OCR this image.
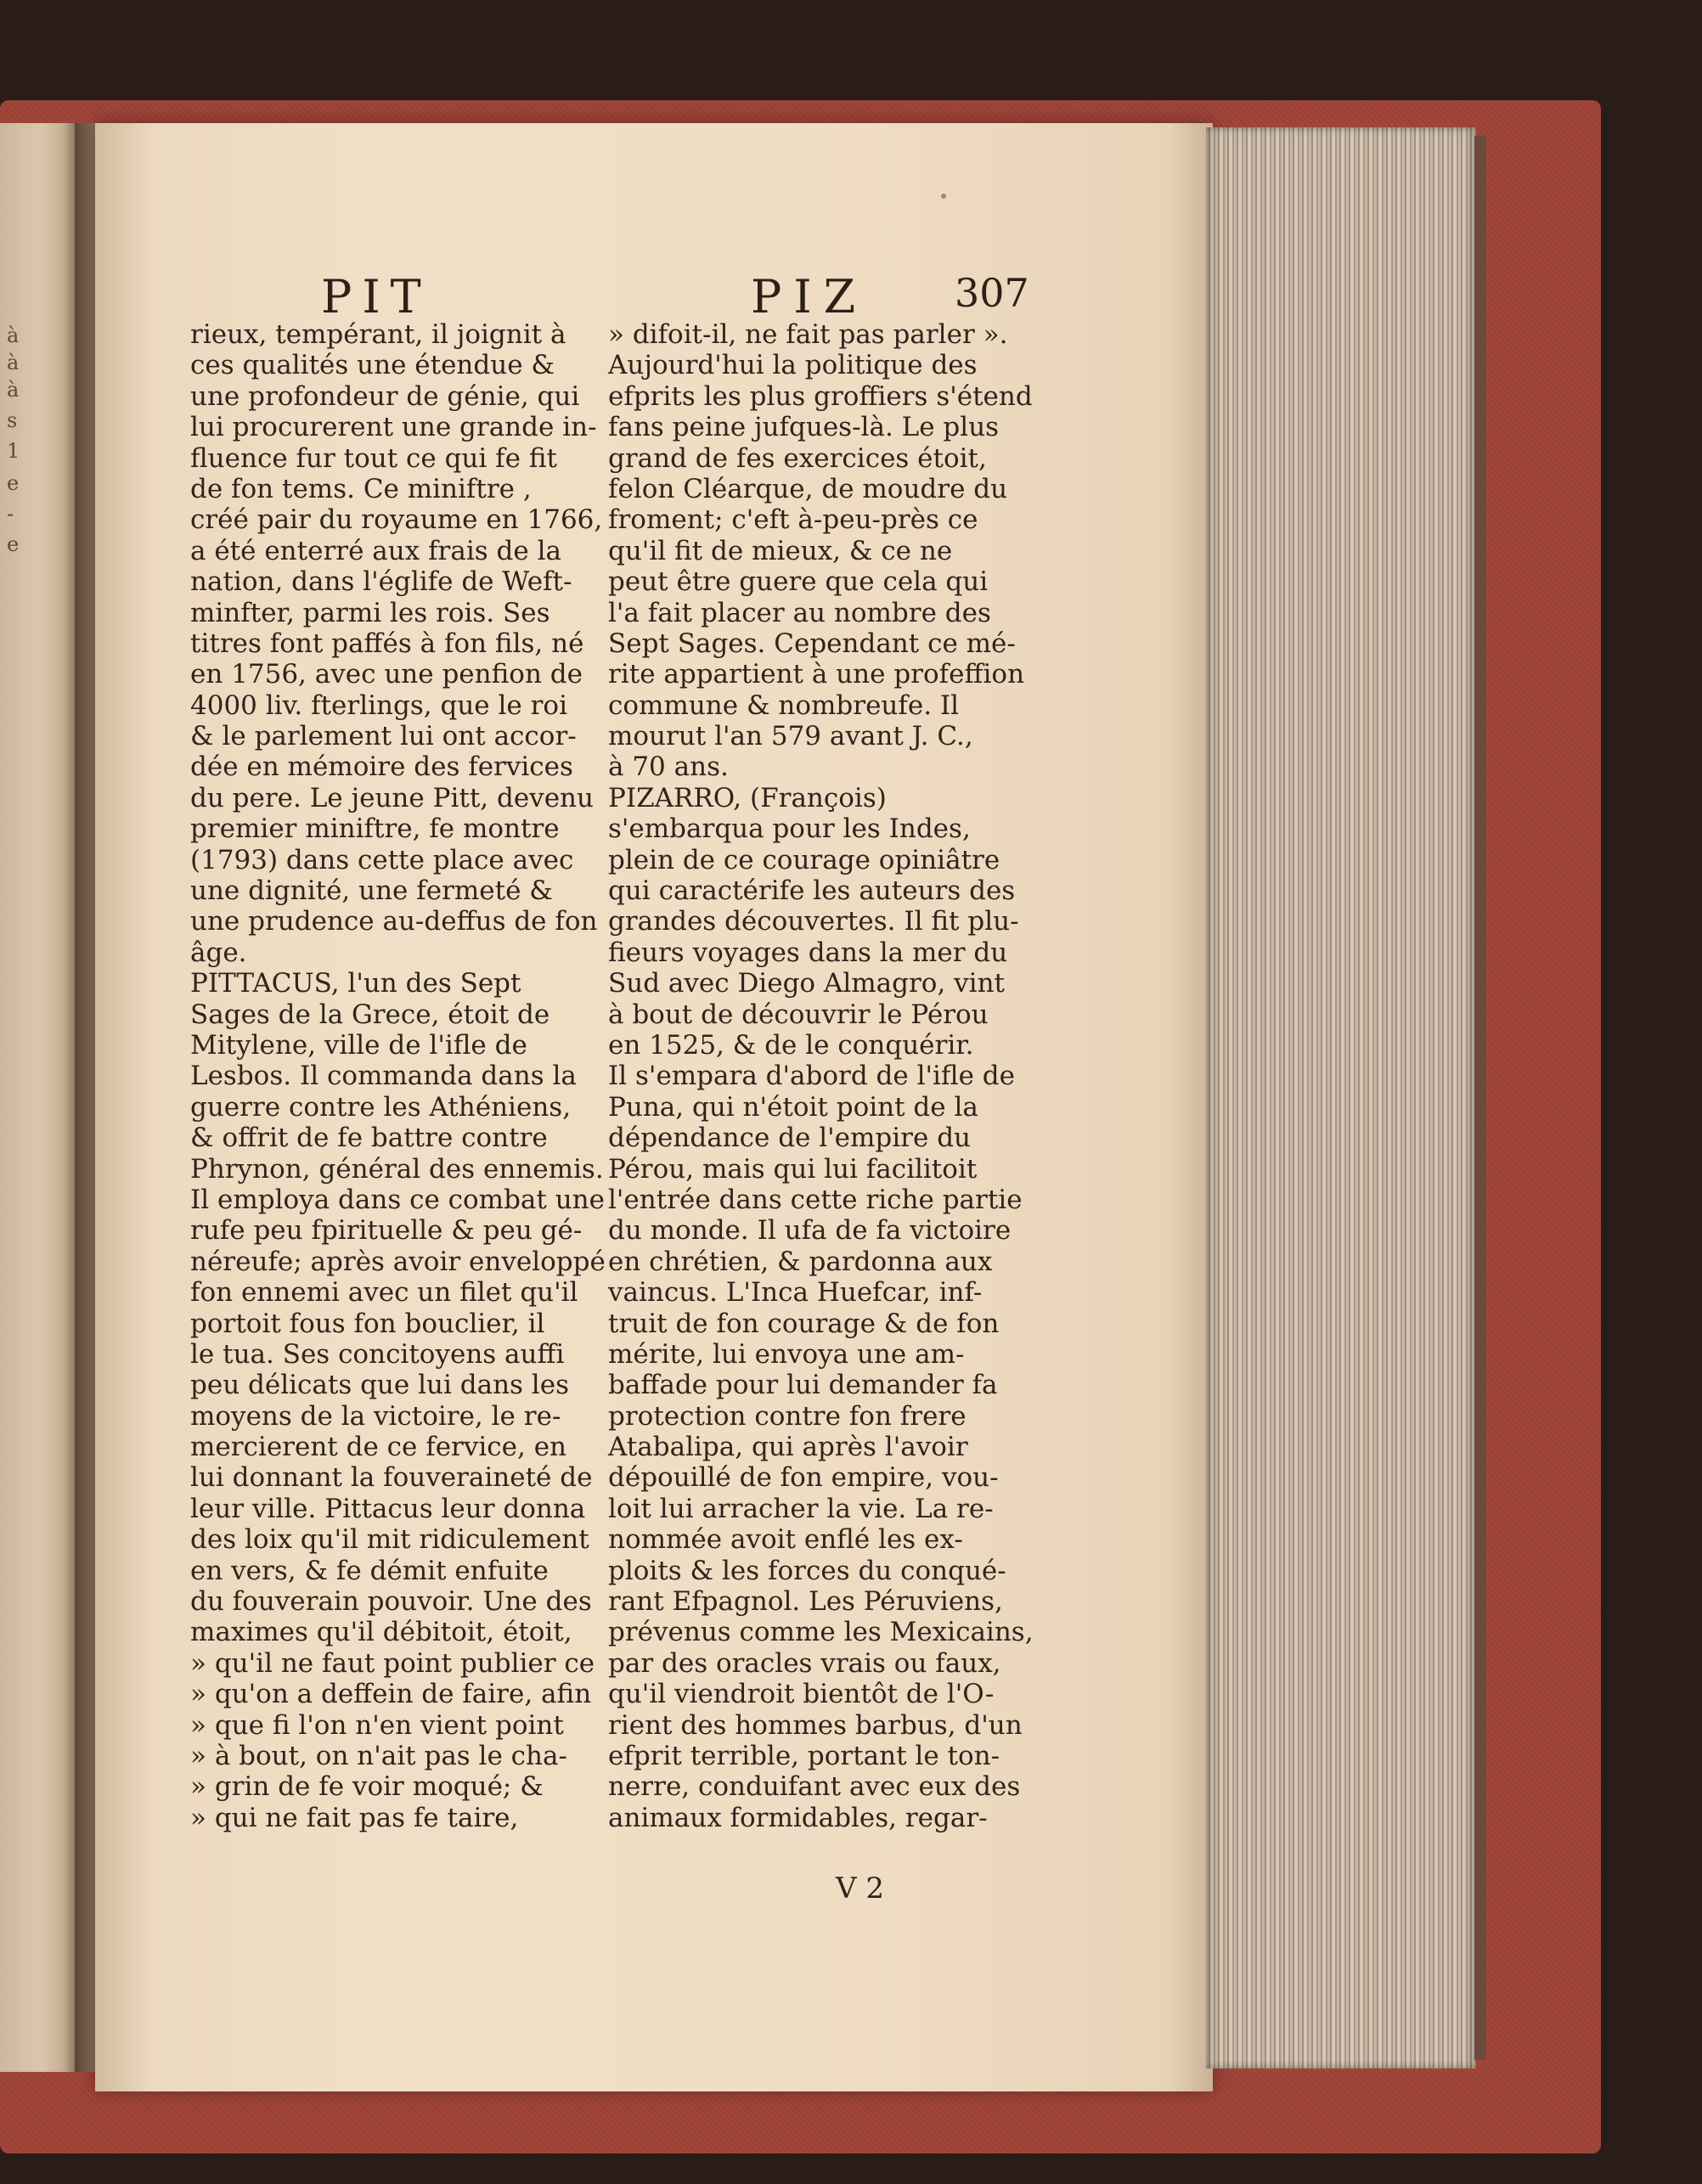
à
à
à
s
1
e
-
e
PIT	PIZ 307
rieux, tempérant, il joignit à
ces qualités une étendue &
une profondeur de génie, qui
lui procurerent une grande in-
fluence fur tout ce qui fe fit
de fon tems. Ce miniftre ,
créé pair du royaume en 1766,
a été enterré aux frais de la
nation, dans l'églife de Weft-
minfter, parmi les rois. Ses
titres font paffés à fon fils, né
en 1756, avec une penfion de
4000 liv. fterlings, que le roi
& le parlement lui ont accor-
dée en mémoire des fervices
du pere. Le jeune Pitt, devenu
premier miniftre, fe montre
(1793) dans cette place avec
une dignité, une fermeté &
une prudence au-deffus de fon
âge.
PITTACUS, l'un des Sept
Sages de la Grece, étoit de
Mitylene, ville de l'ifle de
Lesbos. Il commanda dans la
guerre contre les Athéniens,
& offrit de fe battre contre
Phrynon, général des ennemis.
Il employa dans ce combat une
rufe peu fpirituelle & peu gé-
néreufe; après avoir enveloppé
fon ennemi avec un filet qu'il
portoit fous fon bouclier, il
le tua. Ses concitoyens auffi
peu délicats que lui dans les
moyens de la victoire, le re-
mercierent de ce fervice, en
lui donnant la fouveraineté de
leur ville. Pittacus leur donna
des loix qu'il mit ridiculement
en vers, & fe démit enfuite
du fouverain pouvoir. Une des
maximes qu'il débitoit, étoit,
» qu'il ne faut point publier ce
» qu'on a deffein de faire, afin
» que fi l'on n'en vient point
» à bout, on n'ait pas le cha-
» grin de fe voir moqué; &
» qui ne fait pas fe taire,
» difoit-il, ne fait pas parler ».
Aujourd'hui la politique des
efprits les plus groffiers s'étend
fans peine jufques-là. Le plus
grand de fes exercices étoit,
felon Cléarque, de moudre du
froment; c'eft à-peu-près ce
qu'il fit de mieux, & ce ne
peut être guere que cela qui
l'a fait placer au nombre des
Sept Sages. Cependant ce mé-
rite appartient à une profeffion
commune & nombreufe. Il
mourut l'an 579 avant J. C.,
à 70 ans.
PIZARRO, (François)
s'embarqua pour les Indes,
plein de ce courage opiniâtre
qui caractérife les auteurs des
grandes découvertes. Il fit plu-
fieurs voyages dans la mer du
Sud avec Diego Almagro, vint
à bout de découvrir le Pérou
en 1525, & de le conquérir.
Il s'empara d'abord de l'ifle de
Puna, qui n'étoit point de la
dépendance de l'empire du
Pérou, mais qui lui facilitoit
l'entrée dans cette riche partie
du monde. Il ufa de fa victoire
en chrétien, & pardonna aux
vaincus. L'Inca Huefcar, inf-
truit de fon courage & de fon
mérite, lui envoya une am-
baffade pour lui demander fa
protection contre fon frere
Atabalipa, qui après l'avoir
dépouillé de fon empire, vou-
loit lui arracher la vie. La re-
nommée avoit enflé les ex-
ploits & les forces du conqué-
rant Efpagnol. Les Péruviens,
prévenus comme les Mexicains,
par des oracles vrais ou faux,
qu'il viendroit bientôt de l'O-
rient des hommes barbus, d'un
efprit terrible, portant le ton-
nerre, conduifant avec eux des
animaux formidables, regar-
V 2
